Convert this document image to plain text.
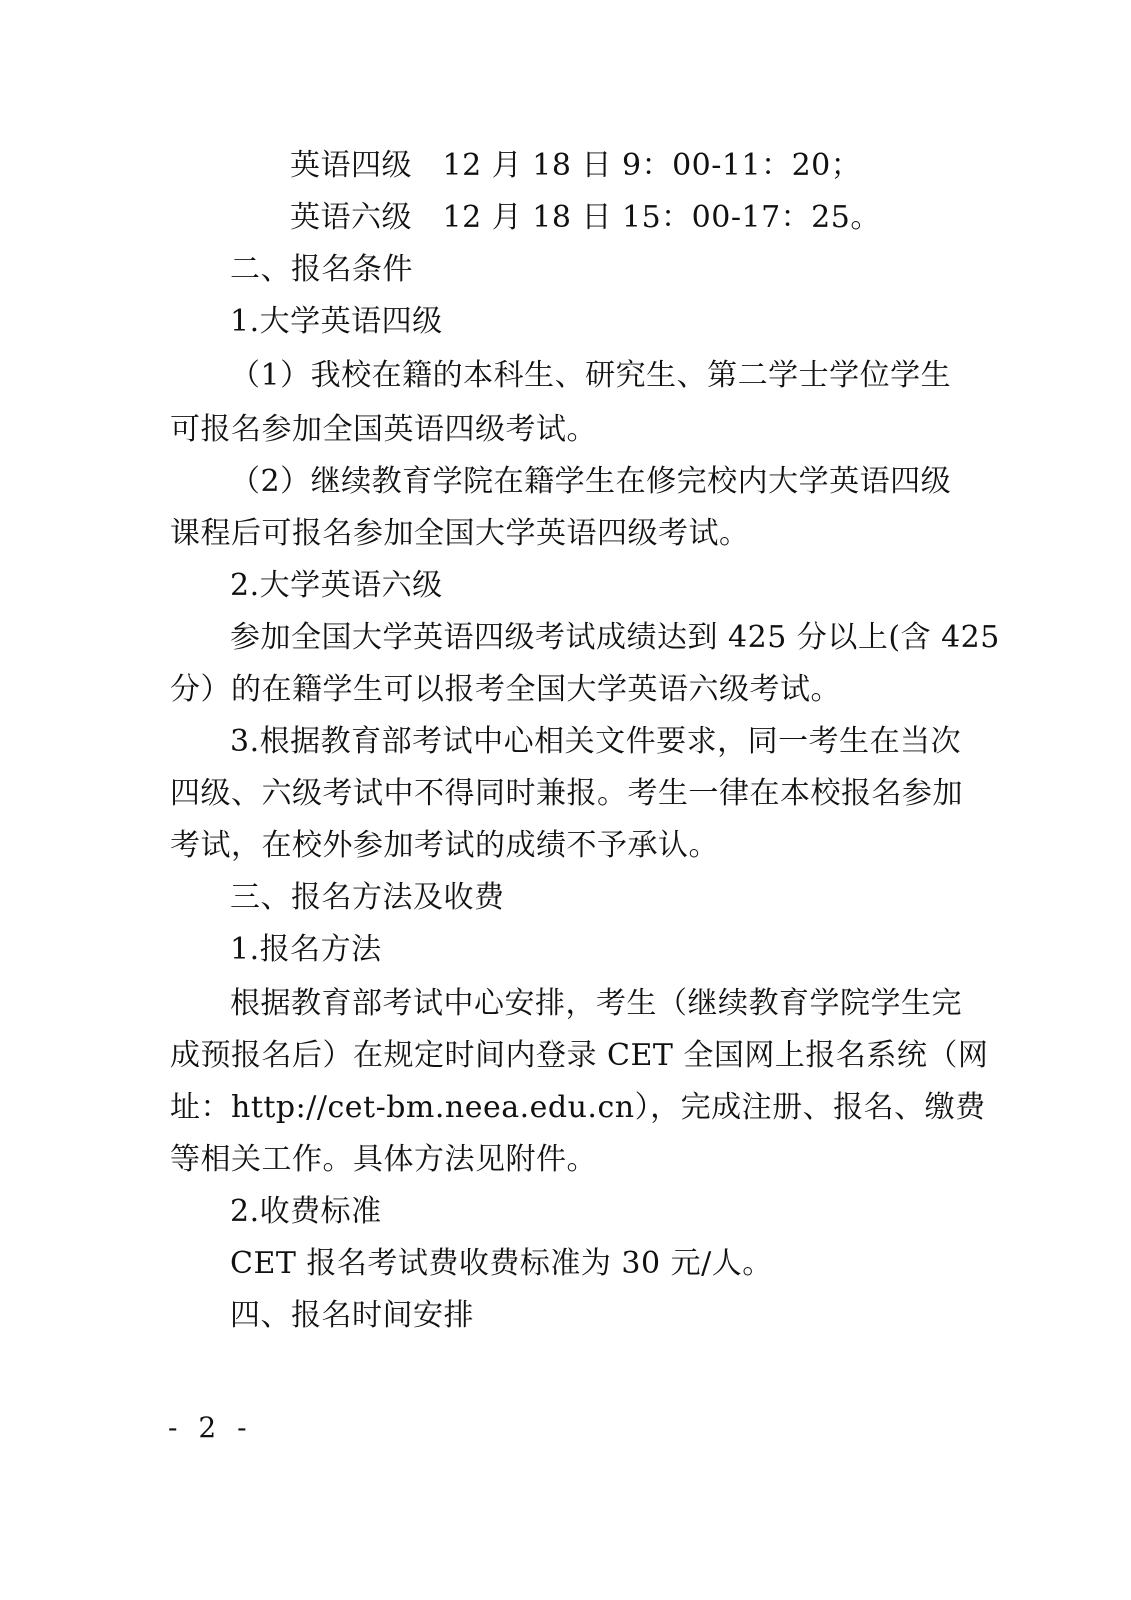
英语四级　12 月 18 日 9：00-11：20；
英语六级　12 月 18 日 15：00-17：25。
二、报名条件
1.大学英语四级
（1）我校在籍的本科生、研究生、第二学士学位学生
可报名参加全国英语四级考试。
（2）继续教育学院在籍学生在修完校内大学英语四级
课程后可报名参加全国大学英语四级考试。
2.大学英语六级
参加全国大学英语四级考试成绩达到 425 分以上(含 425
分）的在籍学生可以报考全国大学英语六级考试。
3.根据教育部考试中心相关文件要求，同一考生在当次
四级、六级考试中不得同时兼报。考生一律在本校报名参加
考试，在校外参加考试的成绩不予承认。
三、报名方法及收费
1.报名方法
根据教育部考试中心安排，考生（继续教育学院学生完
成预报名后）在规定时间内登录 CET 全国网上报名系统（网
址：http://cet-bm.neea.edu.cn），完成注册、报名、缴费
等相关工作。具体方法见附件。
2.收费标准
CET 报名考试费收费标准为 30 元/人。
四、报名时间安排
- 2 -
